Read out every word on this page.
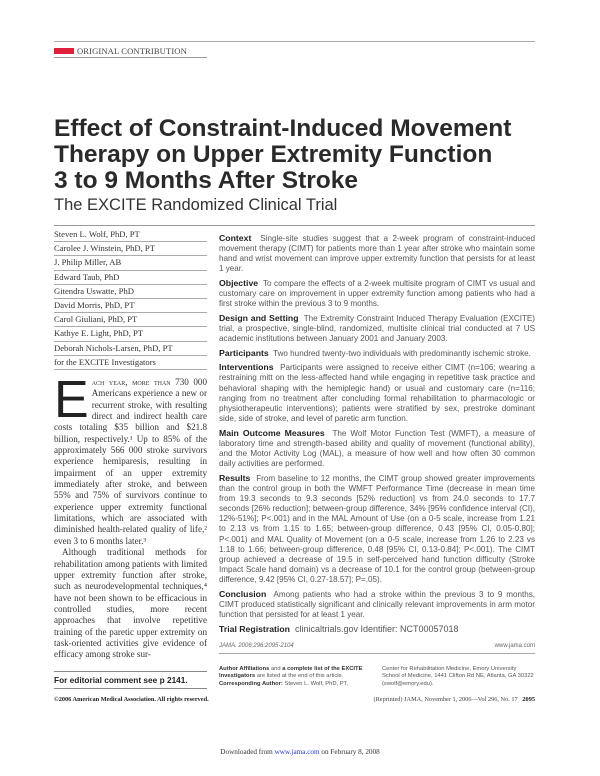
ORIGINAL CONTRIBUTION
Effect of Constraint-Induced Movement
Therapy on Upper Extremity Function
3 to 9 Months After Stroke
The EXCITE Randomized Clinical Trial
Steven L. Wolf, PhD, PT
Carolee J. Winstein, PhD, PT
J. Philip Miller, AB
Edward Taub, PhD
Gitendra Uswatte, PhD
David Morris, PhD, PT
Carol Giuliani, PhD, PT
Kathye E. Light, PhD, PT
Deborah Nichols-Larsen, PhD, PT
for the EXCITE Investigators

Each year, more than 730 000 Americans experience a new or recurrent stroke, with resulting direct and indirect health care costs totaling $35 billion and $21.8 billion, respectively.¹ Up to 85% of the approximately 566 000 stroke survivors experience hemiparesis, resulting in impairment of an upper extremity immediately after stroke, and between 55% and 75% of survivors continue to experience upper extremity functional limitations, which are associated with diminished health-related quality of life,² even 3 to 6 months later.³

Although traditional methods for rehabilitation among patients with limited upper extremity function after stroke, such as neurodevelopmental techniques,⁴ have not been shown to be efficacious in controlled studies, more recent approaches that involve repetitive training of the paretic upper extremity on task-oriented activities give evidence of efficacy among stroke sur-

For editorial comment see p 2141.

Context Single-site studies suggest that a 2-week program of constraint-induced movement therapy (CIMT) for patients more than 1 year after stroke who maintain some hand and wrist movement can improve upper extremity function that persists for at least 1 year.

Objective To compare the effects of a 2-week multisite program of CIMT vs usual and customary care on improvement in upper extremity function among patients who had a first stroke within the previous 3 to 9 months.

Design and Setting The Extremity Constraint Induced Therapy Evaluation (EXCITE) trial, a prospective, single-blind, randomized, multisite clinical trial conducted at 7 US academic institutions between January 2001 and January 2003.

Participants Two hundred twenty-two individuals with predominantly ischemic stroke.

Interventions Participants were assigned to receive either CIMT (n=106; wearing a restraining mitt on the less-affected hand while engaging in repetitive task practice and behavioral shaping with the hemiplegic hand) or usual and customary care (n=116; ranging from no treatment after concluding formal rehabilitation to pharmacologic or physiotherapeutic interventions); patients were stratified by sex, prestroke dominant side, side of stroke, and level of paretic arm function.

Main Outcome Measures The Wolf Motor Function Test (WMFT), a measure of laboratory time and strength-based ability and quality of movement (functional ability), and the Motor Activity Log (MAL), a measure of how well and how often 30 common daily activities are performed.

Results From baseline to 12 months, the CIMT group showed greater improvements than the control group in both the WMFT Performance Time (decrease in mean time from 19.3 seconds to 9.3 seconds [52% reduction] vs from 24.0 seconds to 17.7 seconds [26% reduction]; between-group difference, 34% [95% confidence interval (CI), 12%-51%]; P<.001) and in the MAL Amount of Use (on a 0-5 scale, increase from 1.21 to 2.13 vs from 1.15 to 1.65; between-group difference, 0.43 [95% CI, 0.05-0.80]; P<.001) and MAL Quality of Movement (on a 0-5 scale, increase from 1.26 to 2.23 vs 1.18 to 1.66; between-group difference, 0.48 [95% CI, 0.13-0.84]; P<.001). The CIMT group achieved a decrease of 19.5 in self-perceived hand function difficulty (Stroke Impact Scale hand domain) vs a decrease of 10.1 for the control group (between-group difference, 9.42 [95% CI, 0.27-18.57]; P=.05).

Conclusion Among patients who had a stroke within the previous 3 to 9 months, CIMT produced statistically significant and clinically relevant improvements in arm motor function that persisted for at least 1 year.

Trial Registration clinicaltrials.gov Identifier: NCT00057018

JAMA. 2006;296:2095-2104	www.jama.com
Author Affiliations and a complete list of the EXCITE Investigators are listed at the end of this article.
Corresponding Author: Steven L. Wolf, PhD, PT,
Center for Rehabilitation Medicine, Emory University School of Medicine, 1441 Clifton Rd NE, Atlanta, GA 30322 (swolf@emory.edu).
©2006 American Medical Association. All rights reserved.	(Reprinted) JAMA, November 1, 2006—Vol 296, No. 17 2095
Downloaded from www.jama.com on February 8, 2008
